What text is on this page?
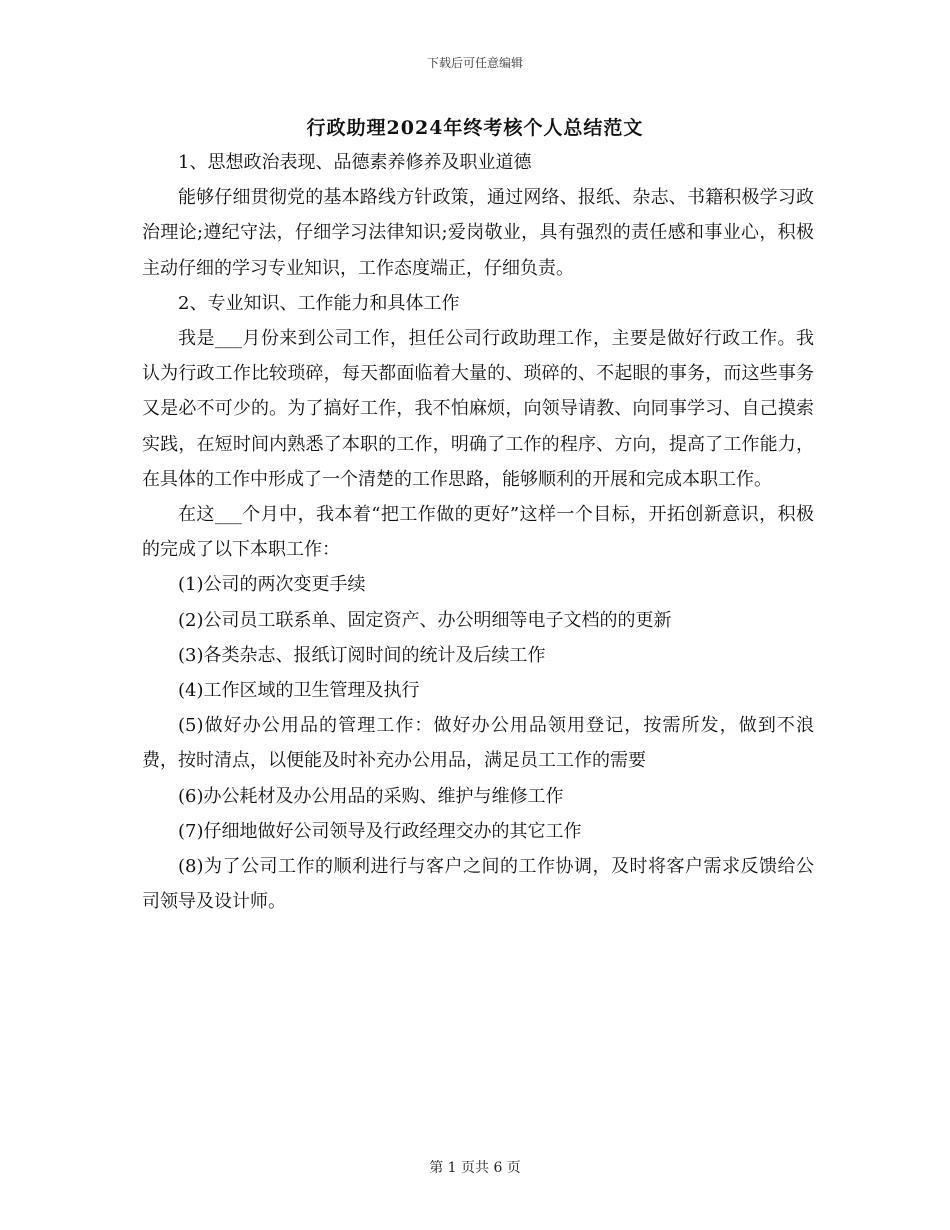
下载后可任意编辑
行政助理2024年终考核个人总结范文

1、思想政治表现、品德素养修养及职业道德

能够仔细贯彻党的基本路线方针政策，通过网络、报纸、杂志、书籍积极学习政治理论;遵纪守法，仔细学习法律知识;爱岗敬业，具有强烈的责任感和事业心，积极主动仔细的学习专业知识，工作态度端正，仔细负责。

2、专业知识、工作能力和具体工作

我是___月份来到公司工作，担任公司行政助理工作，主要是做好行政工作。我认为行政工作比较琐碎，每天都面临着大量的、琐碎的、不起眼的事务，而这些事务又是必不可少的。为了搞好工作，我不怕麻烦，向领导请教、向同事学习、自己摸索实践，在短时间内熟悉了本职的工作，明确了工作的程序、方向，提高了工作能力，在具体的工作中形成了一个清楚的工作思路，能够顺利的开展和完成本职工作。

在这___个月中，我本着“把工作做的更好”这样一个目标，开拓创新意识，积极的完成了以下本职工作：

(1)公司的两次变更手续

(2)公司员工联系单、固定资产、办公明细等电子文档的的更新

(3)各类杂志、报纸订阅时间的统计及后续工作

(4)工作区域的卫生管理及执行

(5)做好办公用品的管理工作：做好办公用品领用登记，按需所发，做到不浪费，按时清点，以便能及时补充办公用品，满足员工工作的需要

(6)办公耗材及办公用品的采购、维护与维修工作

(7)仔细地做好公司领导及行政经理交办的其它工作

(8)为了公司工作的顺利进行与客户之间的工作协调，及时将客户需求反馈给公司领导及设计师。

第 1 页共 6 页
